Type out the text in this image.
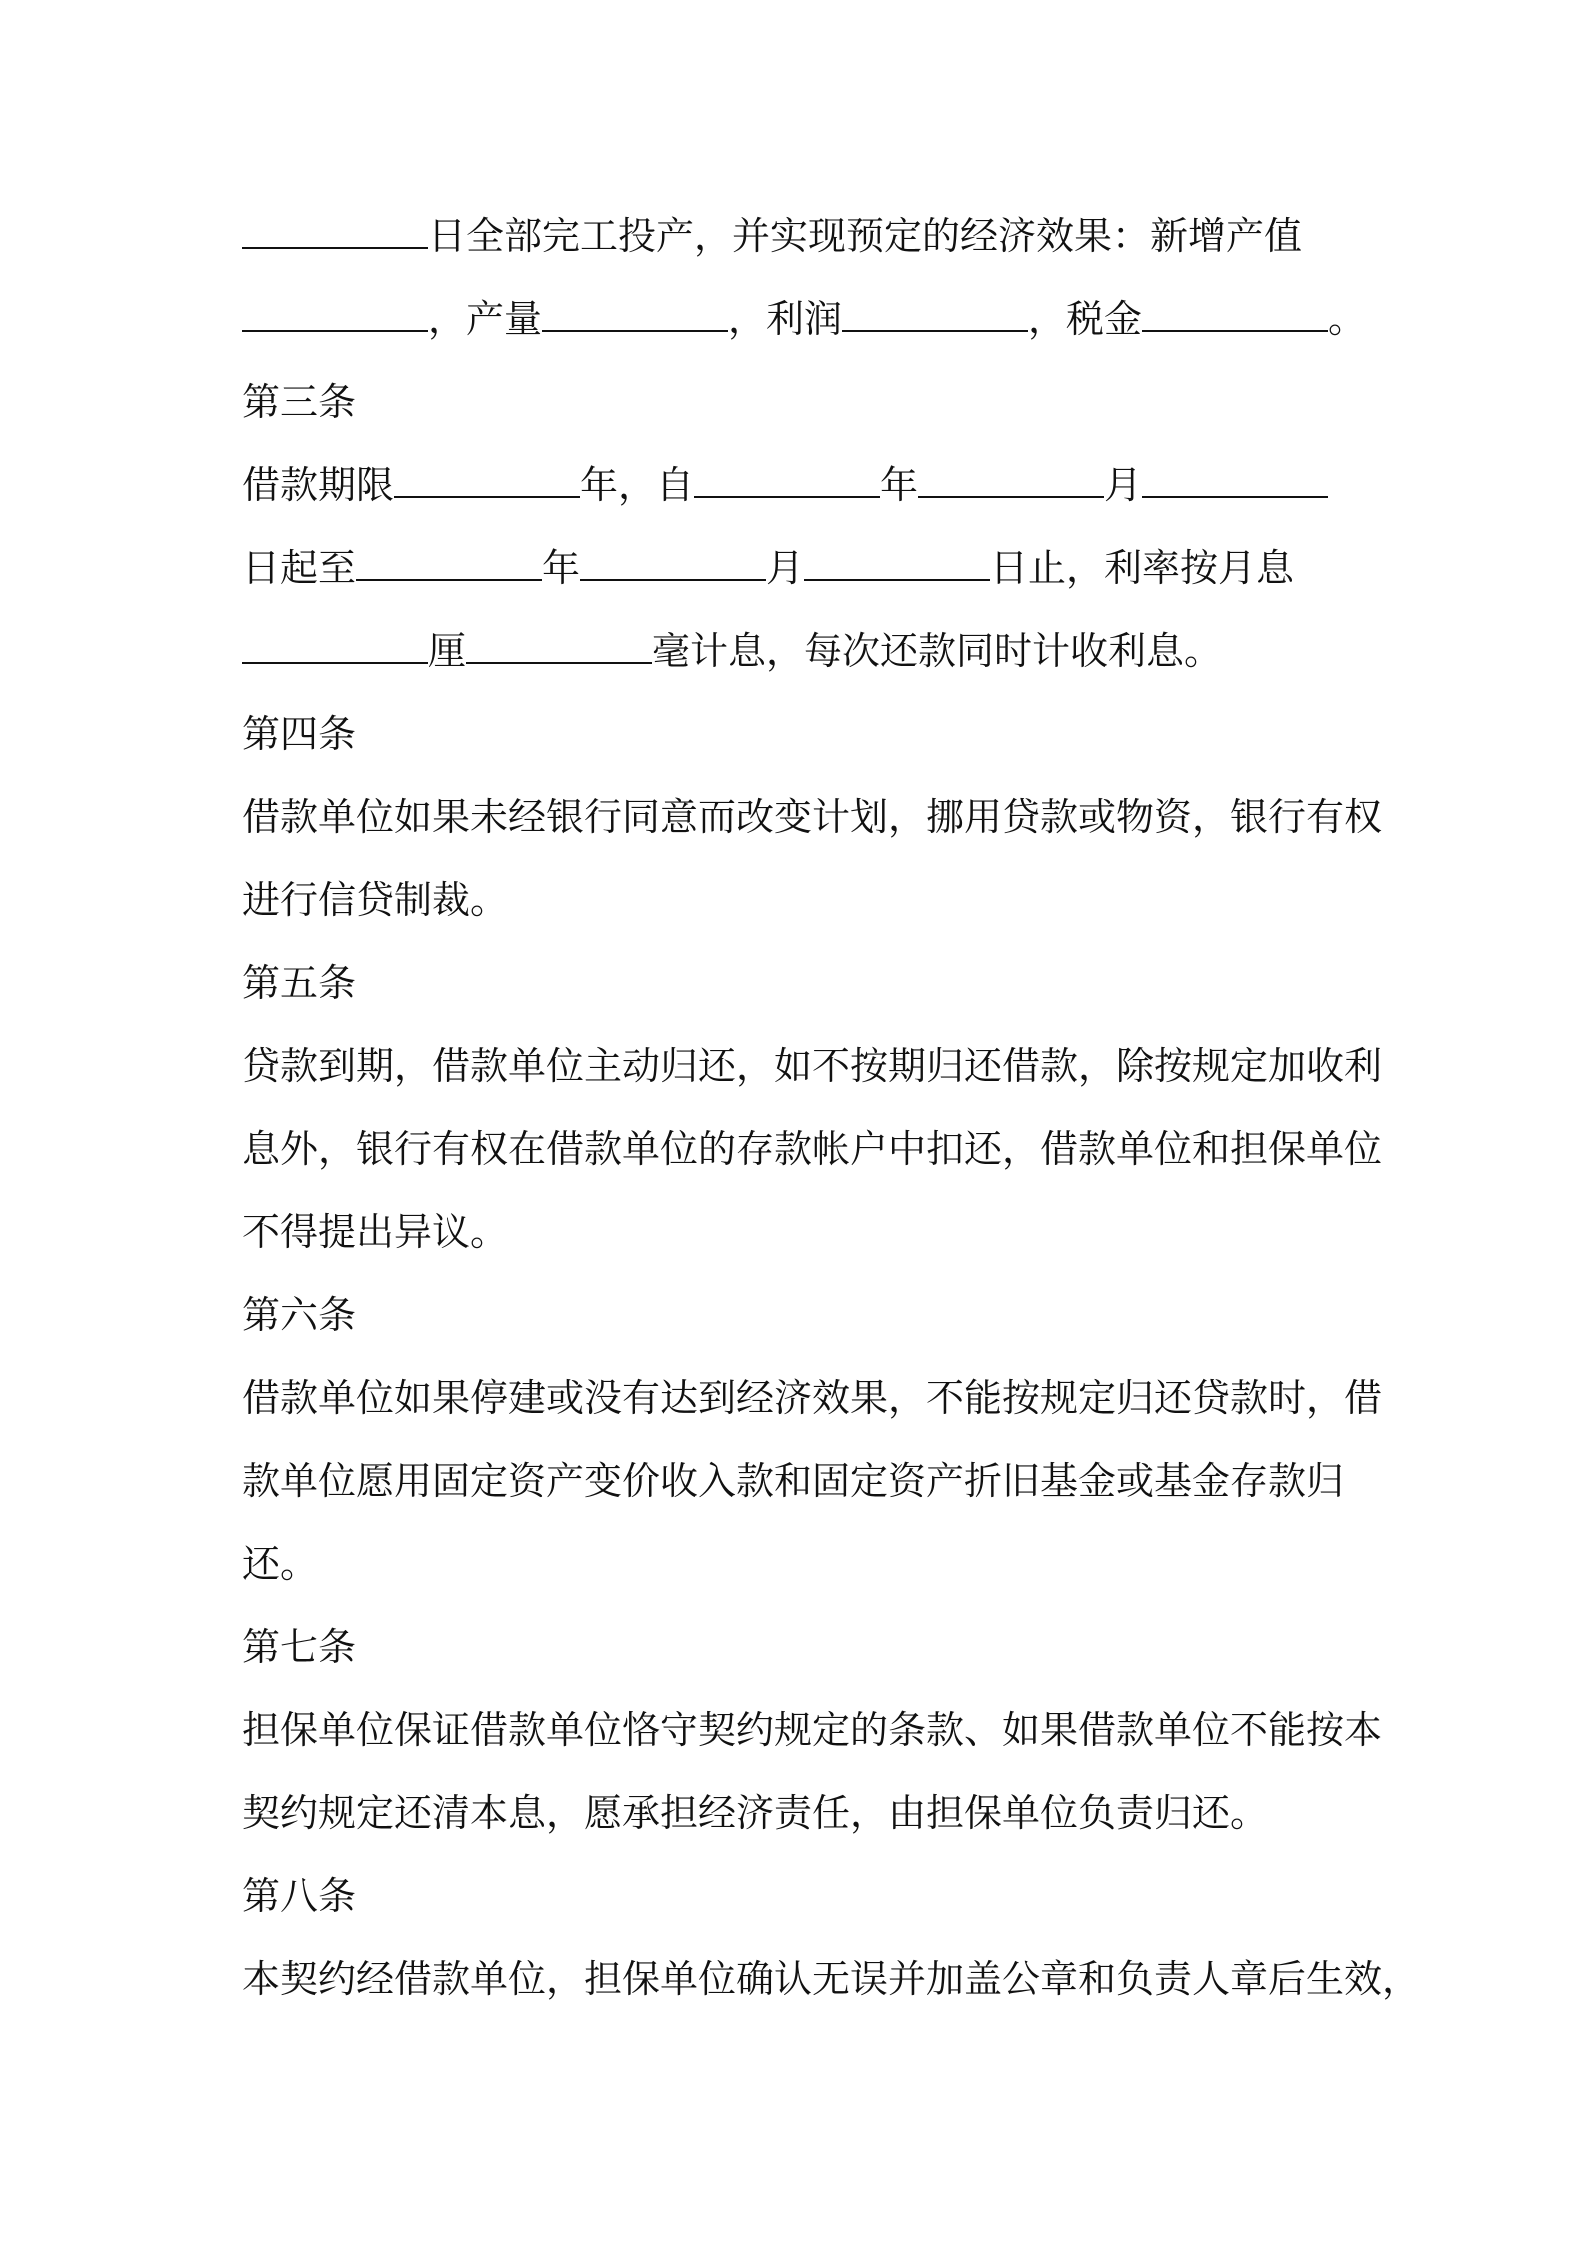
日全部完工投产，并实现预定的经济效果：新增产值
，产量	，利润	，税金	。
第三条
借款期限	年，自	年	月
日起至	年	月	日止，利率按月息
厘	毫计息，每次还款同时计收利息。
第四条
借款单位如果未经银行同意而改变计划，挪用贷款或物资，银行有权
进行信贷制裁。
第五条
贷款到期，借款单位主动归还，如不按期归还借款，除按规定加收利
息外，银行有权在借款单位的存款帐户中扣还，借款单位和担保单位
不得提出异议。
第六条
借款单位如果停建或没有达到经济效果，不能按规定归还贷款时，借
款单位愿用固定资产变价收入款和固定资产折旧基金或基金存款归
还。
第七条
担保单位保证借款单位恪守契约规定的条款、如果借款单位不能按本
契约规定还清本息，愿承担经济责任，由担保单位负责归还。
第八条
本契约经借款单位，担保单位确认无误并加盖公章和负责人章后生效，
